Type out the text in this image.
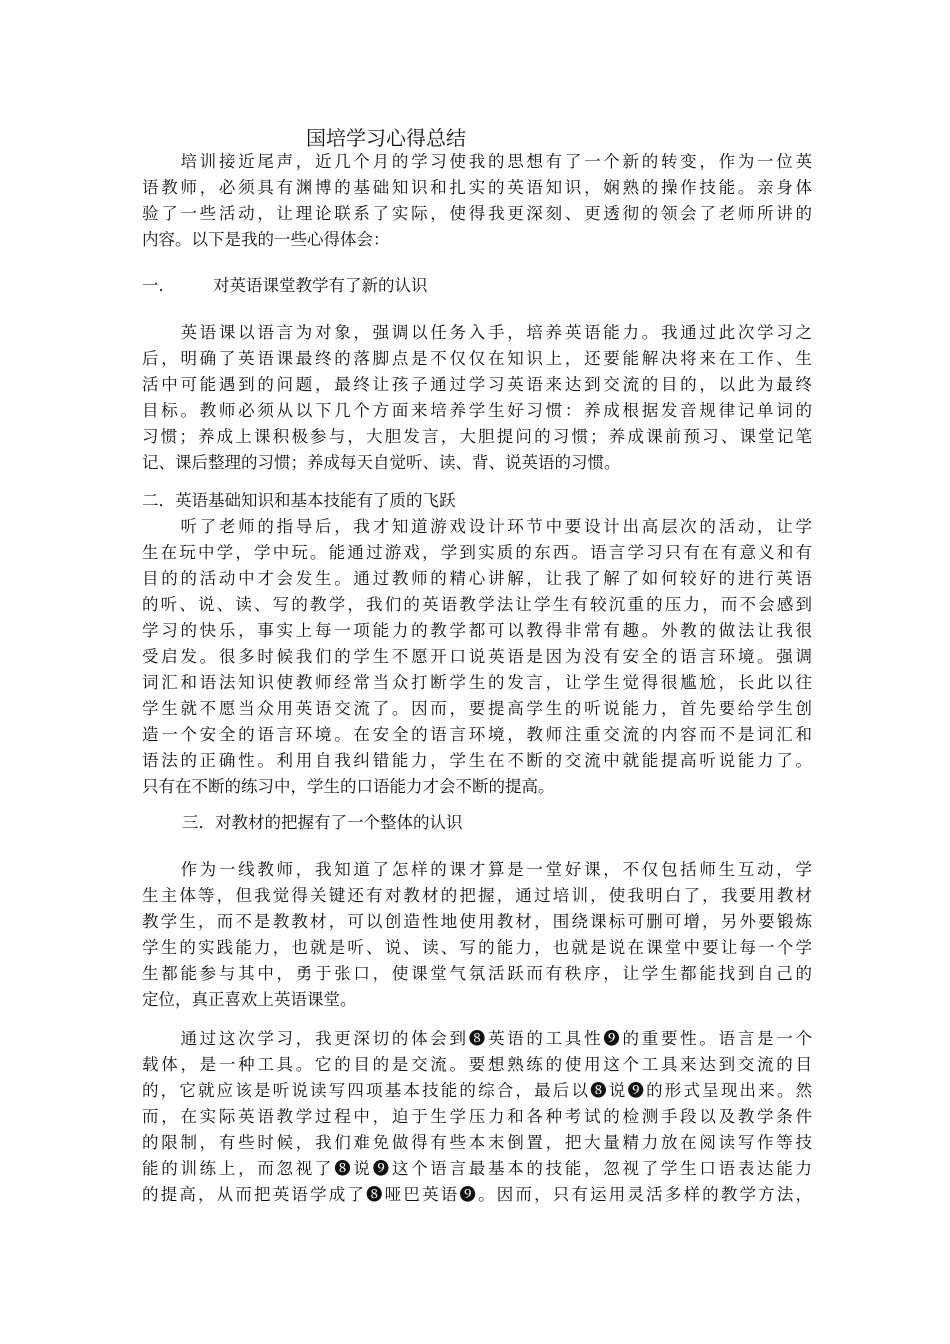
国培学习心得总结

　　培训接近尾声，近几个月的学习使我的思想有了一个新的转变，作为一位英

语教师，必须具有渊博的基础知识和扎实的英语知识，娴熟的操作技能。亲身体

验了一些活动，让理论联系了实际，使得我更深刻、更透彻的领会了老师所讲的

内容。以下是我的一些心得体会：

一． 对英语课堂教学有了新的认识

　　英语课以语言为对象，强调以任务入手，培养英语能力。我通过此次学习之

后，明确了英语课最终的落脚点是不仅仅在知识上，还要能解决将来在工作、生

活中可能遇到的问题，最终让孩子通过学习英语来达到交流的目的，以此为最终

目标。教师必须从以下几个方面来培养学生好习惯：养成根据发音规律记单词的

习惯；养成上课积极参与，大胆发言，大胆提问的习惯；养成课前预习、课堂记笔

记、课后整理的习惯；养成每天自觉听、读、背、说英语的习惯。

二．英语基础知识和基本技能有了质的飞跃

　　听了老师的指导后，我才知道游戏设计环节中要设计出高层次的活动，让学

生在玩中学，学中玩。能通过游戏，学到实质的东西。语言学习只有在有意义和有

目的的活动中才会发生。通过教师的精心讲解，让我了解了如何较好的进行英语

的听、说、读、写的教学，我们的英语教学法让学生有较沉重的压力，而不会感到

学习的快乐，事实上每一项能力的教学都可以教得非常有趣。外教的做法让我很

受启发。很多时候我们的学生不愿开口说英语是因为没有安全的语言环境。强调

词汇和语法知识使教师经常当众打断学生的发言，让学生觉得很尴尬，长此以往

学生就不愿当众用英语交流了。因而，要提高学生的听说能力，首先要给学生创

造一个安全的语言环境。在安全的语言环境，教师注重交流的内容而不是词汇和

语法的正确性。利用自我纠错能力，学生在不断的交流中就能提高听说能力了。

只有在不断的练习中，学生的口语能力才会不断的提高。

三．对教材的把握有了一个整体的认识

　　作为一线教师，我知道了怎样的课才算是一堂好课，不仅包括师生互动，学

生主体等，但我觉得关键还有对教材的把握，通过培训，使我明白了，我要用教材

教学生，而不是教教材，可以创造性地使用教材，围绕课标可删可增，另外要锻炼

学生的实践能力，也就是听、说、读、写的能力，也就是说在课堂中要让每一个学

生都能参与其中，勇于张口，使课堂气氛活跃而有秩序，让学生都能找到自己的

定位，真正喜欢上英语课堂。

　　通过这次学习，我更深切的体会到❽英语的工具性❾的重要性。语言是一个

载体，是一种工具。它的目的是交流。要想熟练的使用这个工具来达到交流的目

的，它就应该是听说读写四项基本技能的综合，最后以❽说❾的形式呈现出来。然

而，在实际英语教学过程中，迫于生学压力和各种考试的检测手段以及教学条件

的限制，有些时候，我们难免做得有些本末倒置，把大量精力放在阅读写作等技

能的训练上，而忽视了❽说❾这个语言最基本的技能，忽视了学生口语表达能力

的提高，从而把英语学成了❽哑巴英语❾。因而，只有运用灵活多样的教学方法，
